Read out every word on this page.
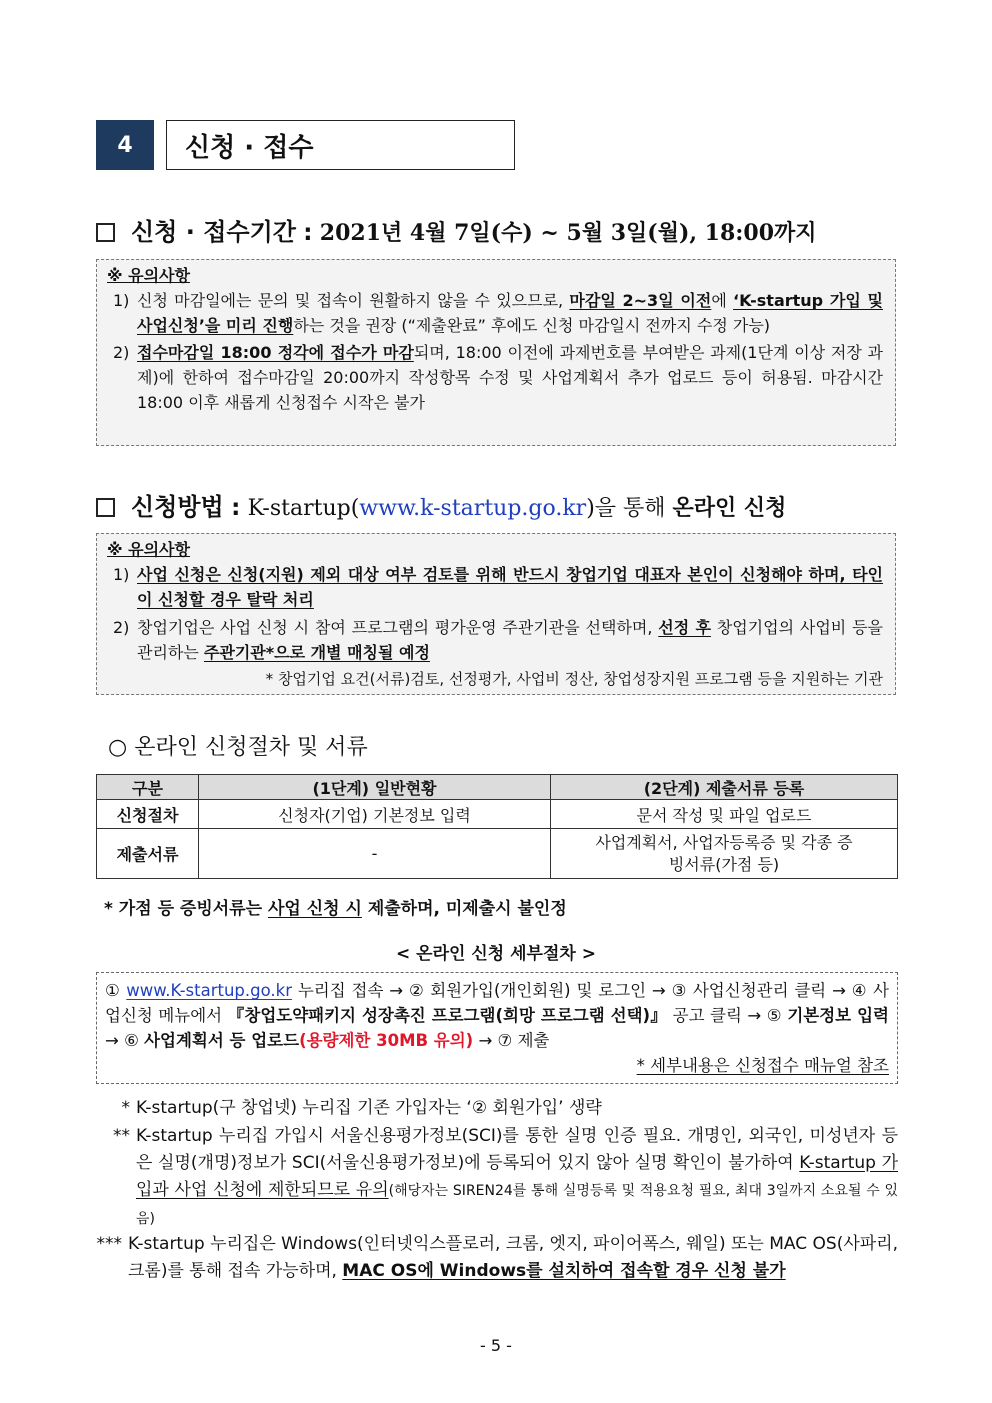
4	신청 · 접수
신청 · 접수기간 : 2021년 4월 7일(수) ~ 5월 3일(월), 18:00까지
※ 유의사항
1) 신청 마감일에는 문의 및 접속이 원활하지 않을 수 있으므로, 마감일 2~3일 이전에 ‘K-startup 가입 및 사업신청’을 미리 진행하는 것을 권장 (“제출완료” 후에도 신청 마감일시 전까지 수정 가능)
2) 접수마감일 18:00 정각에 접수가 마감되며, 18:00 이전에 과제번호를 부여받은 과제(1단계 이상 저장 과제)에 한하여 접수마감일 20:00까지 작성항목 수정 및 사업계획서 추가 업로드 등이 허용됨. 마감시간 18:00 이후 새롭게 신청접수 시작은 불가
신청방법 : K-startup(www.k-startup.go.kr)을 통해 온라인 신청
※ 유의사항
1) 사업 신청은 신청(지원) 제외 대상 여부 검토를 위해 반드시 창업기업 대표자 본인이 신청해야 하며, 타인이 신청할 경우 탈락 처리
2) 창업기업은 사업 신청 시 참여 프로그램의 평가운영 주관기관을 선택하며, 선정 후 창업기업의 사업비 등을 관리하는 주관기관*으로 개별 매칭될 예정
* 창업기업 요건(서류)검토, 선정평가, 사업비 정산, 창업성장지원 프로그램 등을 지원하는 기관
○ 온라인 신청절차 및 서류
구분	(1단계) 일반현황	(2단계) 제출서류 등록
신청절차	신청자(기업) 기본정보 입력	문서 작성 및 파일 업로드
제출서류	-	사업계획서, 사업자등록증 및 각종 증빙서류(가점 등)
* 가점 등 증빙서류는 사업 신청 시 제출하며, 미제출시 불인정
< 온라인 신청 세부절차 >
① www.K-startup.go.kr 누리집 접속 → ② 회원가입(개인회원) 및 로그인 → ③ 사업신청관리 클릭 → ④ 사업신청 메뉴에서 『창업도약패키지 성장촉진 프로그램(희망 프로그램 선택)』 공고 클릭 → ⑤ 기본정보 입력 → ⑥ 사업계획서 등 업로드(용량제한 30MB 유의) → ⑦ 제출
* 세부내용은 신청접수 매뉴얼 참조
* K-startup(구 창업넷) 누리집 기존 가입자는 ‘② 회원가입’ 생략
** K-startup 누리집 가입시 서울신용평가정보(SCI)를 통한 실명 인증 필요. 개명인, 외국인, 미성년자 등은 실명(개명)정보가 SCI(서울신용평가정보)에 등록되어 있지 않아 실명 확인이 불가하여 K-startup 가입과 사업 신청에 제한되므로 유의(해당자는 SIREN24를 통해 실명등록 및 적용요청 필요, 최대 3일까지 소요될 수 있음)
*** K-startup 누리집은 Windows(인터넷익스플로러, 크롬, 엣지, 파이어폭스, 웨일) 또는 MAC OS(사파리, 크롬)를 통해 접속 가능하며, MAC OS에 Windows를 설치하여 접속할 경우 신청 불가
- 5 -
